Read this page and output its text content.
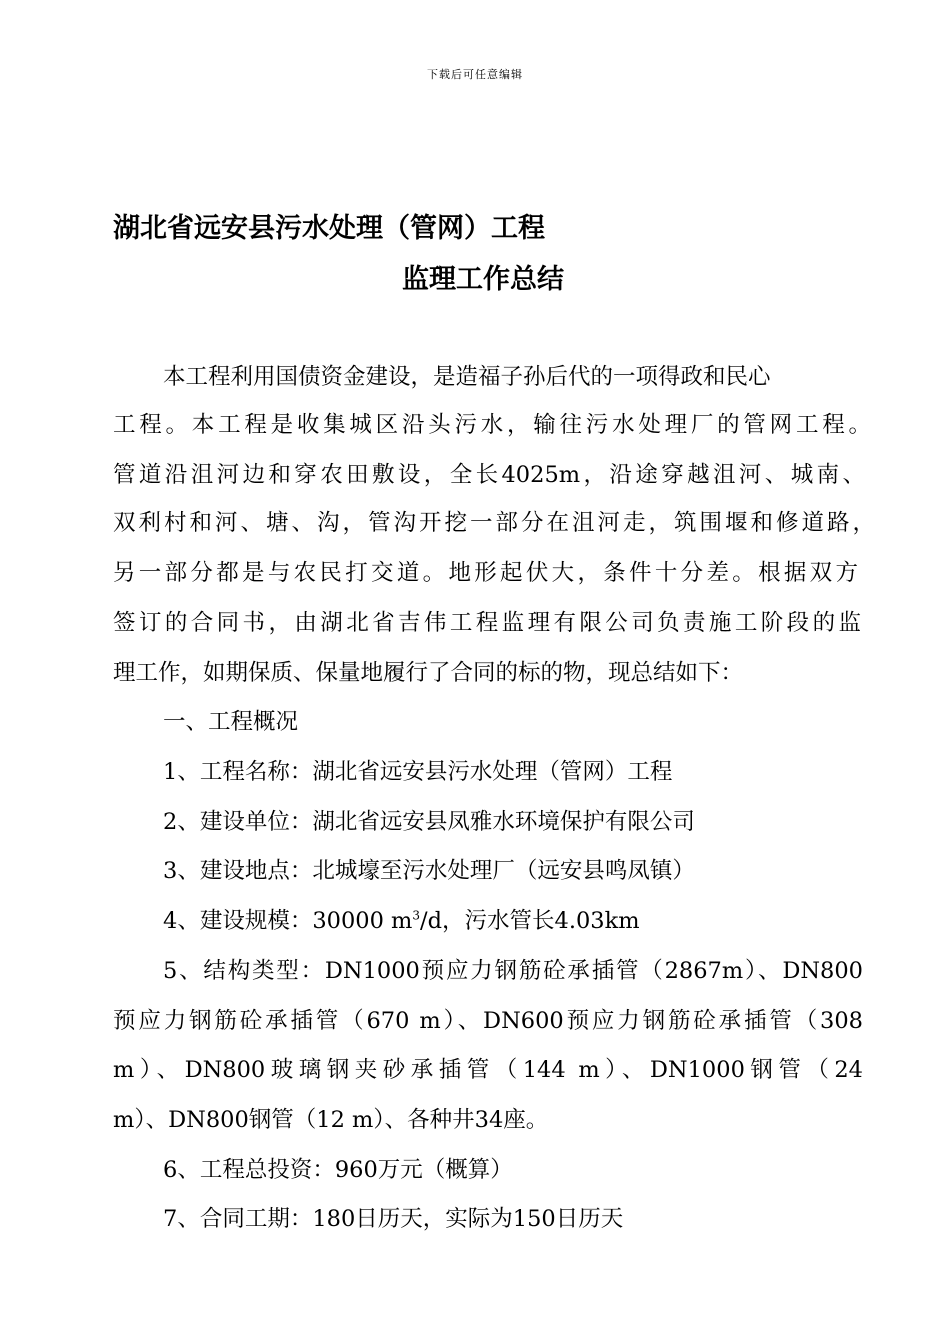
下载后可任意编辑
湖北省远安县污水处理（管网）工程
监理工作总结
本工程利用国债资金建设，是造福子孙后代的一项得政和民心
工程。本工程是收集城区沿头污水，输往污水处理厂的管网工程。
管道沿沮河边和穿农田敷设，全长4025m，沿途穿越沮河、城南、
双利村和河、塘、沟，管沟开挖一部分在沮河走，筑围堰和修道路，
另一部分都是与农民打交道。地形起伏大，条件十分差。根据双方
签订的合同书，由湖北省吉伟工程监理有限公司负责施工阶段的监
理工作，如期保质、保量地履行了合同的标的物，现总结如下：
一、工程概况
1、工程名称：湖北省远安县污水处理（管网）工程
2、建设单位：湖北省远安县凤雅水环境保护有限公司
3、建设地点：北城壕至污水处理厂（远安县鸣凤镇）
4、建设规模：30000 $m^3/d$，污水管长4.03km
5、结构类型：DN1000预应力钢筋砼承插管（2867m）、DN800
预应力钢筋砼承插管（670 m）、DN600预应力钢筋砼承插管（308
m）、DN800玻璃钢夹砂承插管（144 m）、DN1000钢管（24
m）、DN800钢管（12 m）、各种井34座。
6、工程总投资：960万元（概算）
7、合同工期：180日历天，实际为150日历天
